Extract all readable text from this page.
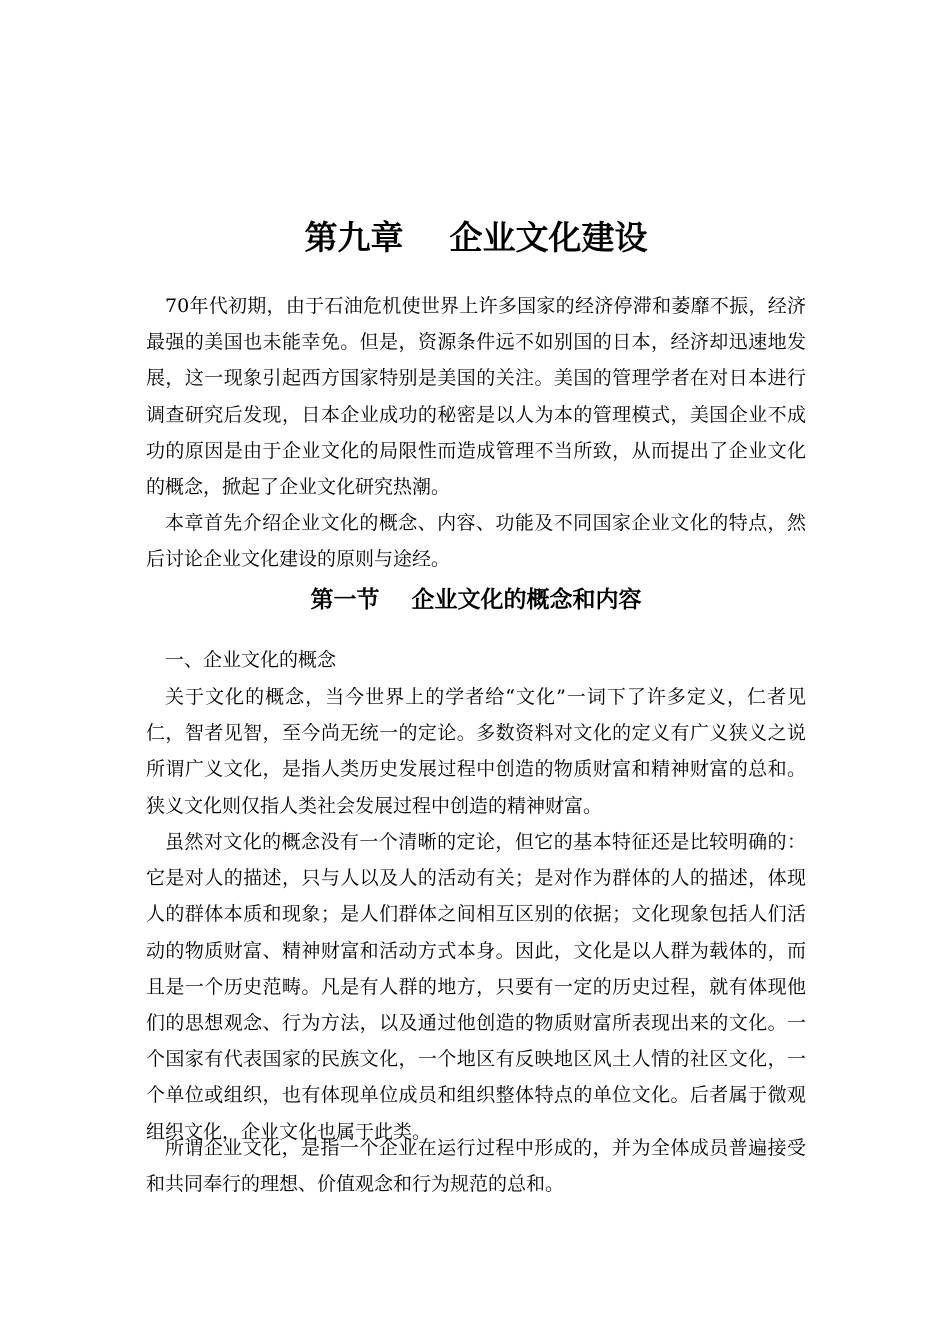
第九章    企业文化建设

70年代初期，由于石油危机使世界上许多国家的经济停滞和萎靡不振，经济最强的美国也未能幸免。但是，资源条件远不如别国的日本，经济却迅速地发展，这一现象引起西方国家特别是美国的关注。美国的管理学者在对日本进行调查研究后发现，日本企业成功的秘密是以人为本的管理模式，美国企业不成功的原因是由于企业文化的局限性而造成管理不当所致，从而提出了企业文化的概念，掀起了企业文化研究热潮。

本章首先介绍企业文化的概念、内容、功能及不同国家企业文化的特点，然后讨论企业文化建设的原则与途经。

第一节    企业文化的概念和内容

一、企业文化的概念

关于文化的概念，当今世界上的学者给“文化”一词下了许多定义，仁者见仁，智者见智，至今尚无统一的定论。多数资料对文化的定义有广义狭义之说所谓广义文化，是指人类历史发展过程中创造的物质财富和精神财富的总和。狭义文化则仅指人类社会发展过程中创造的精神财富。

虽然对文化的概念没有一个清晰的定论，但它的基本特征还是比较明确的：它是对人的描述，只与人以及人的活动有关；是对作为群体的人的描述，体现人的群体本质和现象；是人们群体之间相互区别的依据；文化现象包括人们活动的物质财富、精神财富和活动方式本身。因此，文化是以人群为载体的，而且是一个历史范畴。凡是有人群的地方，只要有一定的历史过程，就有体现他们的思想观念、行为方法，以及通过他创造的物质财富所表现出来的文化。一个国家有代表国家的民族文化，一个地区有反映地区风土人情的社区文化，一个单位或组织，也有体现单位成员和组织整体特点的单位文化。后者属于微观组织文化，企业文化也属于此类。

所谓企业文化，是指一个企业在运行过程中形成的，并为全体成员普遍接受和共同奉行的理想、价值观念和行为规范的总和。
